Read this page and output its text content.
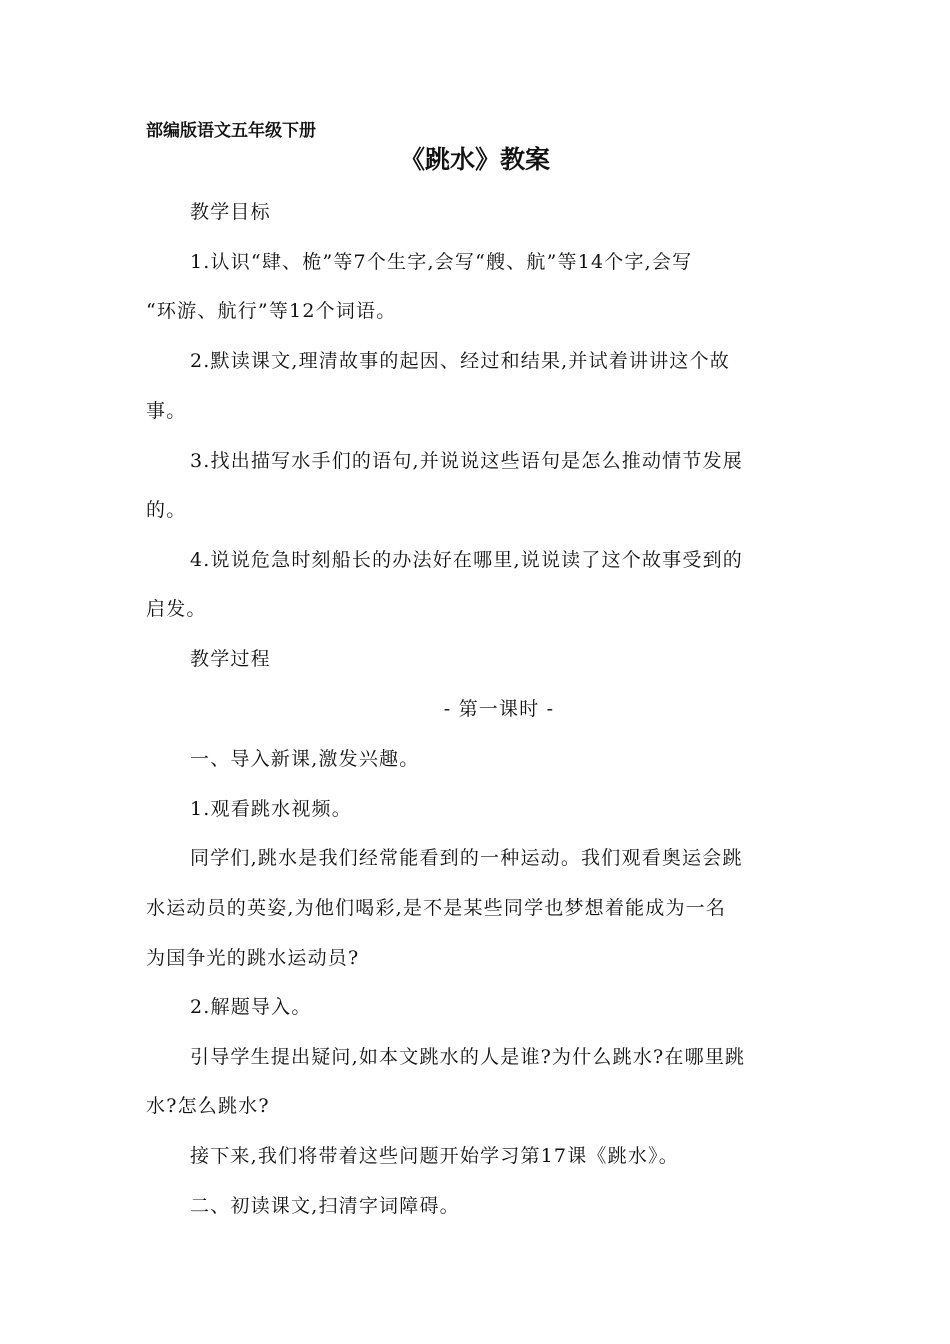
部编版语文五年级下册
《跳水》教案
教学目标
1.认识“肆、桅”等7个生字,会写“艘、航”等14个字,会写
“环游、航行”等12个词语。
2.默读课文,理清故事的起因、经过和结果,并试着讲讲这个故
事。
3.找出描写水手们的语句,并说说这些语句是怎么推动情节发展
的。
4.说说危急时刻船长的办法好在哪里,说说读了这个故事受到的
启发。
教学过程
- 第一课时 -
一、导入新课,激发兴趣。
1.观看跳水视频。
同学们,跳水是我们经常能看到的一种运动。我们观看奥运会跳
水运动员的英姿,为他们喝彩,是不是某些同学也梦想着能成为一名
为国争光的跳水运动员?
2.解题导入。
引导学生提出疑问,如本文跳水的人是谁?为什么跳水?在哪里跳
水?怎么跳水?
接下来,我们将带着这些问题开始学习第17课《跳水》。
二、初读课文,扫清字词障碍。
